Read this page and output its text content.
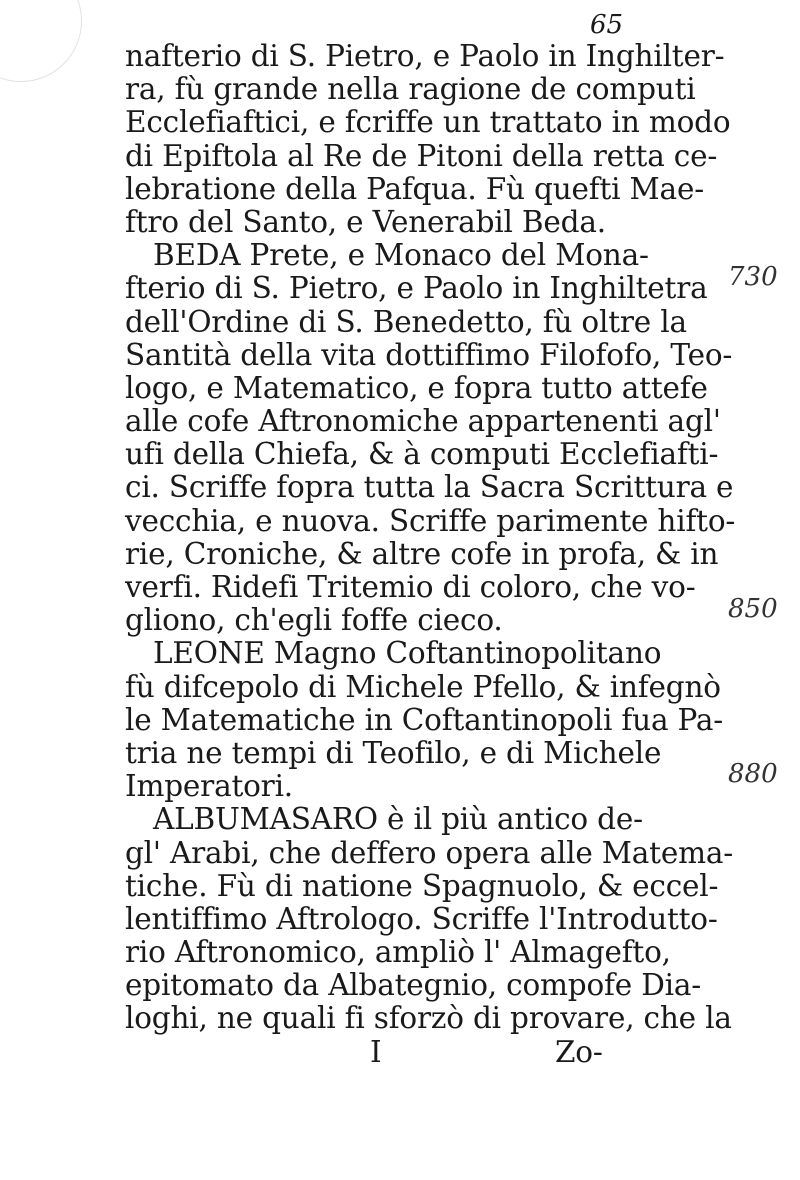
65
nafterio di S. Pietro, e Paolo in Inghilter-
ra, fù grande nella ragione de computi
Ecclefiaftici, e fcriffe un trattato in modo
di Epiftola al Re de Pitoni della retta ce-
lebratione della Pafqua. Fù quefti Mae-
ftro del Santo, e Venerabil Beda.
BEDA Prete, e Monaco del Mona-
fterio di S. Pietro, e Paolo in Inghiltetra
dell'Ordine di S. Benedetto, fù oltre la
Santità della vita dottiffimo Filofofo, Teo-
logo, e Matematico, e fopra tutto attefe
alle cofe Aftronomiche appartenenti agl'
ufi della Chiefa, & à computi Ecclefiafti-
ci. Scriffe fopra tutta la Sacra Scrittura e
vecchia, e nuova. Scriffe parimente hifto-
rie, Croniche, & altre cofe in profa, & in
verfi. Ridefi Tritemio di coloro, che vo-
gliono, ch'egli foffe cieco.
LEONE Magno Coftantinopolitano
fù difcepolo di Michele Pfello, & infegnò
le Matematiche in Coftantinopoli fua Pa-
tria ne tempi di Teofilo, e di Michele
Imperatori.
ALBUMASARO è il più antico de-
gl' Arabi, che deffero opera alle Matema-
tiche. Fù di natione Spagnuolo, & eccel-
lentiffimo Aftrologo. Scriffe l'Introdutto-
rio Aftronomico, ampliò l' Almagefto,
epitomato da Albategnio, compofe Dia-
loghi, ne quali fi sforzò di provare, che la
I	Zo-
730
850
880
